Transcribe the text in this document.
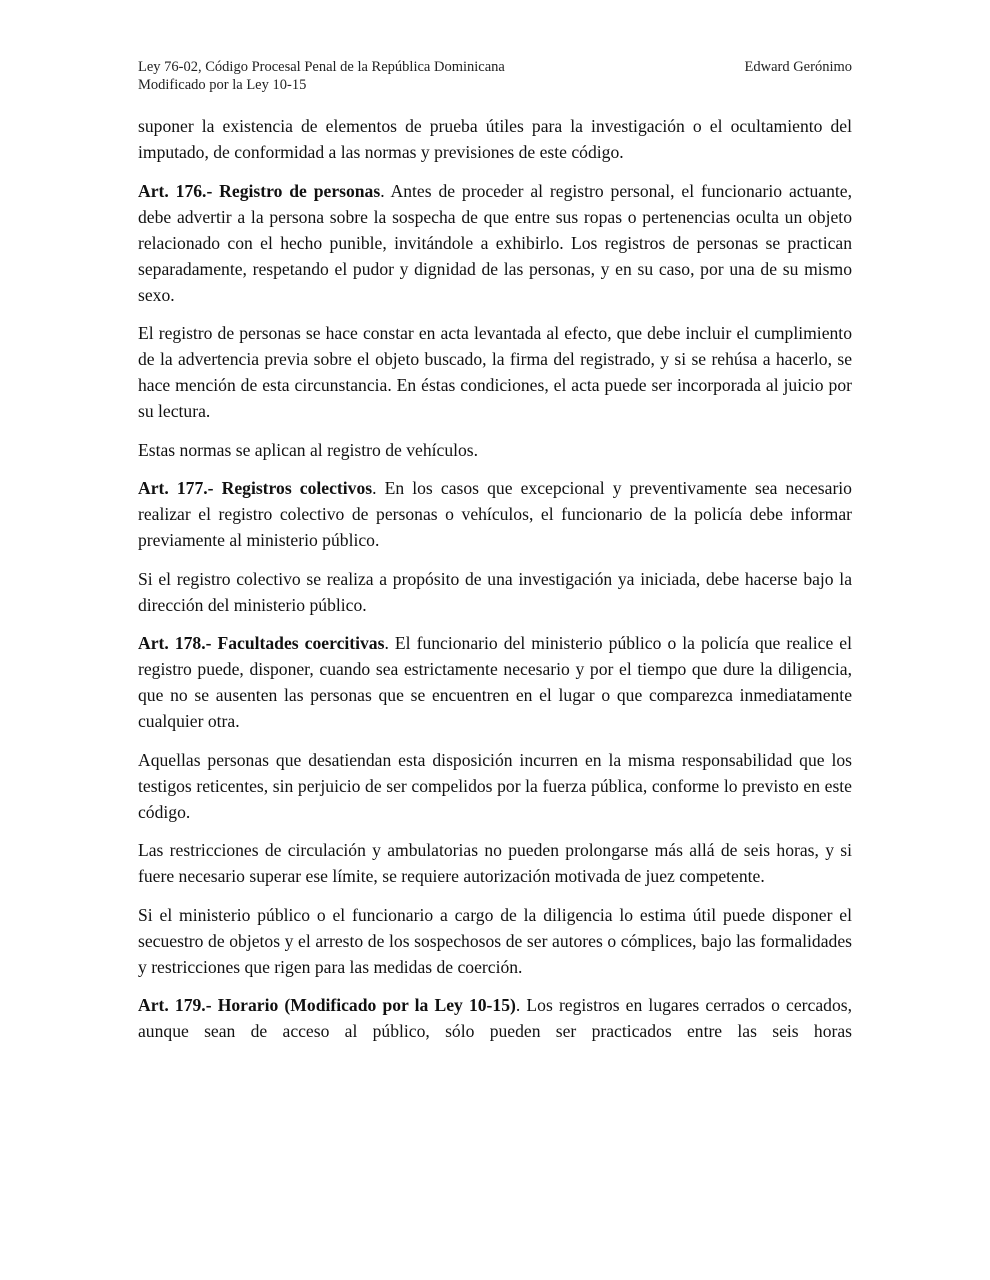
Ley 76-02, Código Procesal Penal de la República Dominicana	Edward Gerónimo
Modificado por la Ley 10-15

suponer la existencia de elementos de prueba útiles para la investigación o el ocultamiento del imputado, de conformidad a las normas y previsiones de este código.

Art. 176.- Registro de personas. Antes de proceder al registro personal, el funcionario actuante, debe advertir a la persona sobre la sospecha de que entre sus ropas o pertenencias oculta un objeto relacionado con el hecho punible, invitándole a exhibirlo. Los registros de personas se practican separadamente, respetando el pudor y dignidad de las personas, y en su caso, por una de su mismo sexo.

El registro de personas se hace constar en acta levantada al efecto, que debe incluir el cumplimiento de la advertencia previa sobre el objeto buscado, la firma del registrado, y si se rehúsa a hacerlo, se hace mención de esta circunstancia. En éstas condiciones, el acta puede ser incorporada al juicio por su lectura.

Estas normas se aplican al registro de vehículos.

Art. 177.- Registros colectivos. En los casos que excepcional y preventivamente sea necesario realizar el registro colectivo de personas o vehículos, el funcionario de la policía debe informar previamente al ministerio público.

Si el registro colectivo se realiza a propósito de una investigación ya iniciada, debe hacerse bajo la dirección del ministerio público.

Art. 178.- Facultades coercitivas. El funcionario del ministerio público o la policía que realice el registro puede, disponer, cuando sea estrictamente necesario y por el tiempo que dure la diligencia, que no se ausenten las personas que se encuentren en el lugar o que comparezca inmediatamente cualquier otra.

Aquellas personas que desatiendan esta disposición incurren en la misma responsabilidad que los testigos reticentes, sin perjuicio de ser compelidos por la fuerza pública, conforme lo previsto en este código.

Las restricciones de circulación y ambulatorias no pueden prolongarse más allá de seis horas, y si fuere necesario superar ese límite, se requiere autorización motivada de juez competente.

Si el ministerio público o el funcionario a cargo de la diligencia lo estima útil puede disponer el secuestro de objetos y el arresto de los sospechosos de ser autores o cómplices, bajo las formalidades y restricciones que rigen para las medidas de coerción.

Art. 179.- Horario (Modificado por la Ley 10-15). Los registros en lugares cerrados o cercados, aunque sean de acceso al público, sólo pueden ser practicados entre las seis horas
